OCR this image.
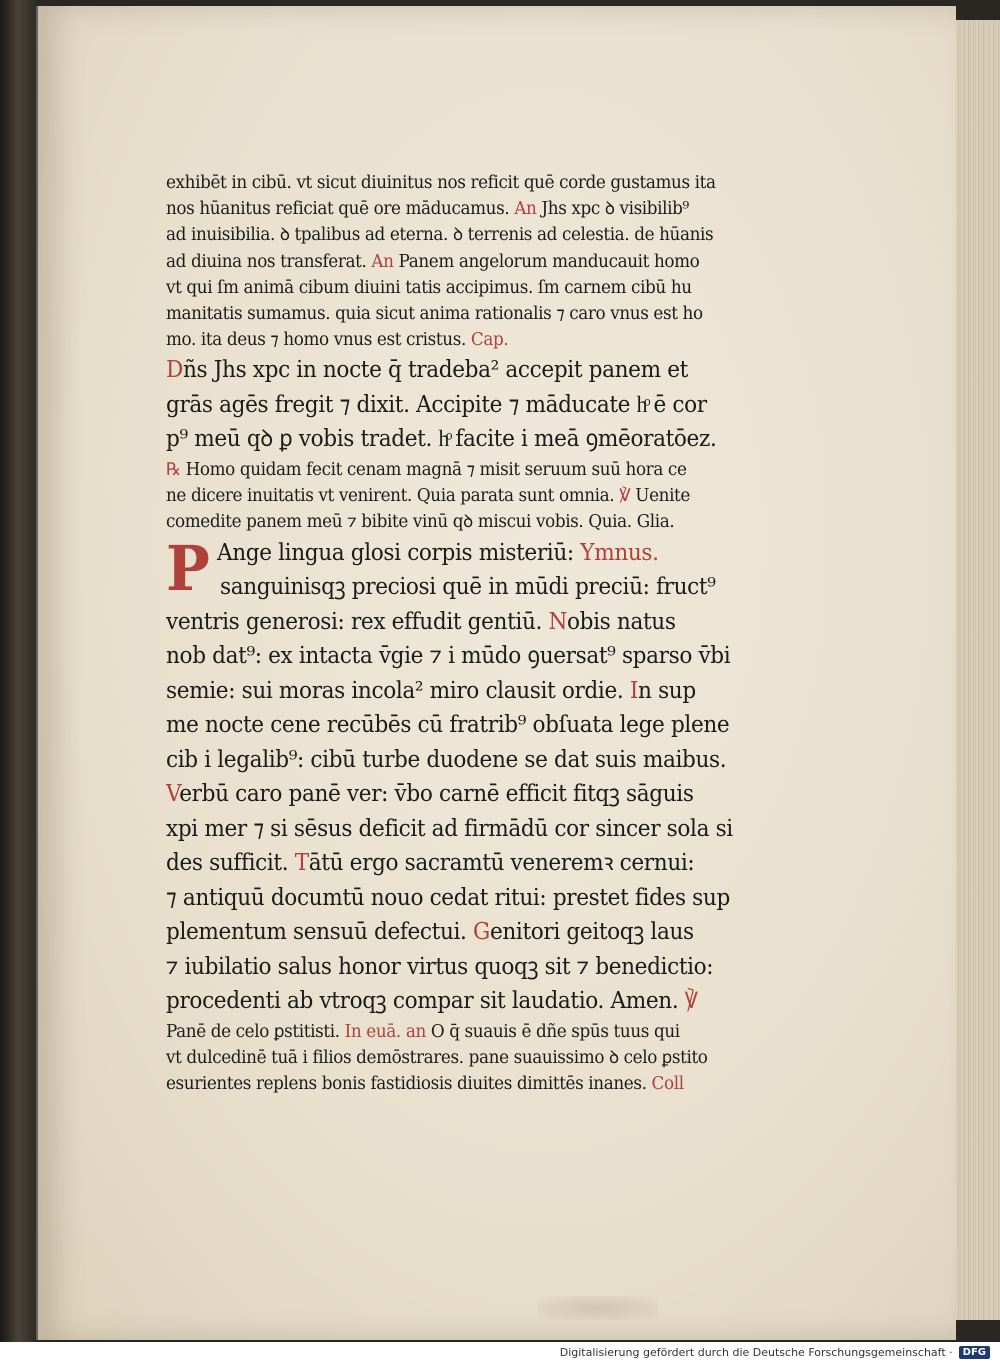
exhibēt in cibū. vt sicut diuinitus nos reficit quē corde gustamus ita
nos hūanitus reficiat quē ore māducamus. An Jhs xpc ꝺ visibilib⁹
ad inuisibilia. ꝺ tpalibus ad eterna. ꝺ terrenis ad celestia. de hūanis
ad diuina nos transferat. An Panem angelorum manducauit homo
vt qui ſm animā cibum diuini tatis accipimus. ſm carnem cibū hu
manitatis sumamus. quia sicut anima rationalis ⁊ caro vnus est ho
mo. ita deus ⁊ homo vnus est cristus. Cap.
Dñs Jhs xpc in nocte q̄ tradeba² accepit panem et
grās agēs fregit ⁊ dixit. Accipite ⁊ māducate hͦ ē cor
p⁹ meū qꝺ ꝑ vobis tradet. hͦ facite i meā ꝯmēoratōez.
℞ Homo quidam fecit cenam magnā ⁊ misit seruum suū hora ce
ne dicere inuitatis vt venirent. Quia parata sunt omnia. ℣ Uenite
comedite panem meū ⁊ bibite vinū qꝺ miscui vobis. Quia. Glia.
P Ange lingua glosi corpis misteriū: Ymnus.
sanguinisqꝫ preciosi quē in mūdi preciū: fruct⁹
ventris generosi: rex effudit gentiū. Nobis natus
nob dat⁹: ex intacta v̄gie ⁊ i mūdo ꝯuersat⁹ sparso v̄bi
semie: sui moras incola² miro clausit ordie. In sup
me nocte cene recūbēs cū fratrib⁹ obſuata lege plene
cib i legalib⁹: cibū turbe duodene se dat suis maibus.
Verbū caro panē ver: v̄bo carnē efficit fitqꝫ sāguis
xpi mer ⁊ si sēsus deficit ad firmādū cor sincer sola si
des sufficit. Tātū ergo sacramtū veneremꝛ cernui:
⁊ antiquū documtū nouo cedat ritui: prestet fides sup
plementum sensuū defectui. Genitori geitoqꝫ laus
⁊ iubilatio salus honor virtus quoqꝫ sit ⁊ benedictio:
procedenti ab vtroqꝫ compar sit laudatio. Amen. ℣
Panē de celo ꝑstitisti. In euā. an O q̄ suauis ē dñe spūs tuus qui
vt dulcedinē tuā i filios demōstrares. pane suauissimo ꝺ celo ꝑstito
esurientes replens bonis fastidiosis diuites dimittēs inanes. Coll
Digitalisierung gefördert durch die Deutsche Forschungsgemeinschaft ·	DFG
